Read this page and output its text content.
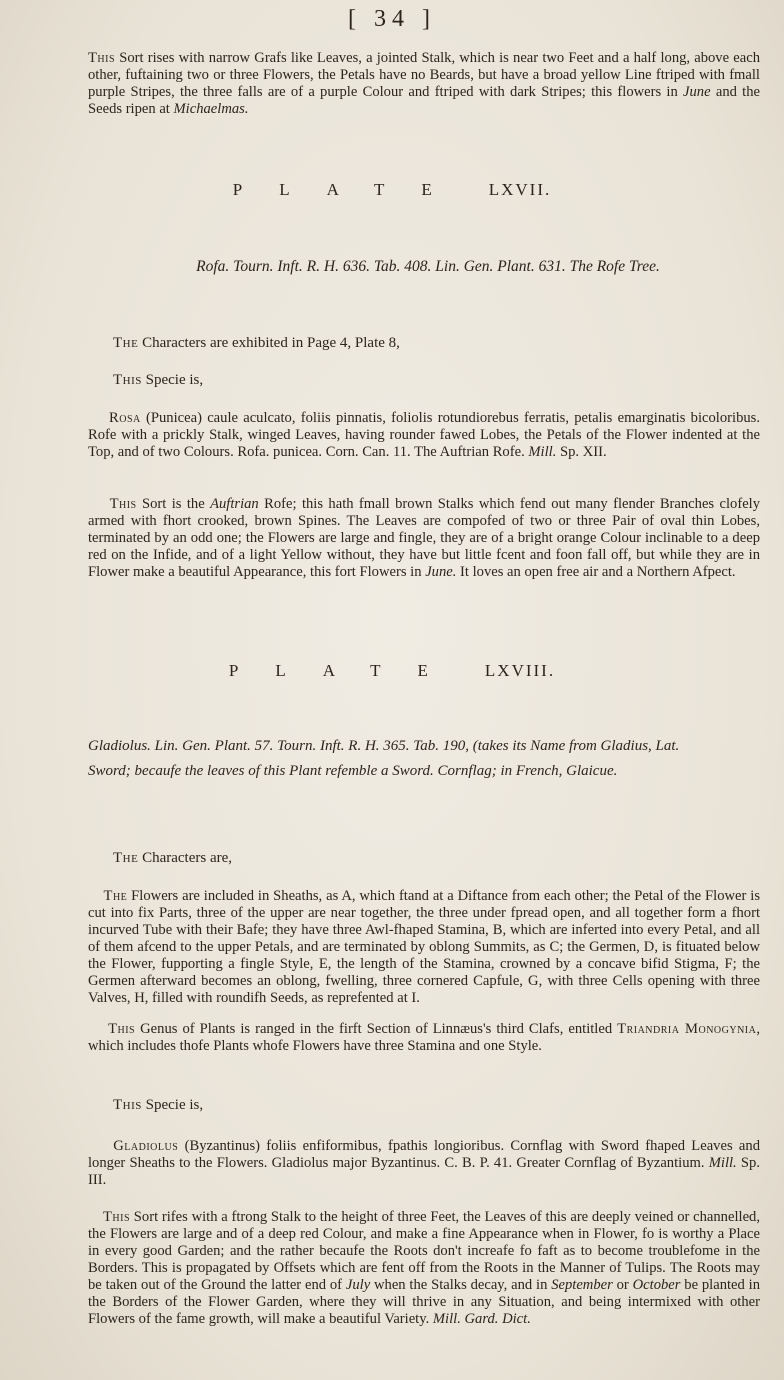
[ 34 ]

This Sort rises with narrow Grafs like Leaves, a jointed Stalk, which is near two Feet and a half long, above each other, fuftaining two or three Flowers, the Petals have no Beards, but have a broad yellow Line ftriped with fmall purple Stripes, the three falls are of a purple Colour and ftriped with dark Stripes; this flowers in June and the Seeds ripen at Michaelmas.

PLATE LXVII.
Rofa. Tourn. Inft. R. H. 636. Tab. 408. Lin. Gen. Plant. 631. The Rofe Tree.
The Characters are exhibited in Page 4, Plate 8,
This Specie is,

Rosa (Punicea) caule aculcato, foliis pinnatis, foliolis rotundiorebus ferratis, petalis emarginatis bicoloribus. Rofe with a prickly Stalk, winged Leaves, having rounder fawed Lobes, the Petals of the Flower indented at the Top, and of two Colours. Rofa. punicea. Corn. Can. 11. The Auftrian Rofe. Mill. Sp. XII.

This Sort is the Auftrian Rofe; this hath fmall brown Stalks which fend out many flender Branches clofely armed with fhort crooked, brown Spines. The Leaves are compofed of two or three Pair of oval thin Lobes, terminated by an odd one; the Flowers are large and fingle, they are of a bright orange Colour inclinable to a deep red on the Infide, and of a light Yellow without, they have but little fcent and foon fall off, but while they are in Flower make a beautiful Appearance, this fort Flowers in June. It loves an open free air and a Northern Afpect.

PLATE LXVIII.
Gladiolus. Lin. Gen. Plant. 57. Tourn. Inft. R. H. 365. Tab. 190, (takes its Name from Gladius, Lat.
Sword; becaufe the leaves of this Plant refemble a Sword. Cornflag; in French, Glaicue.
The Characters are,

The Flowers are included in Sheaths, as A, which ftand at a Diftance from each other; the Petal of the Flower is cut into fix Parts, three of the upper are near together, the three under fpread open, and all together form a fhort incurved Tube with their Bafe; they have three Awl-fhaped Stamina, B, which are inferted into every Petal, and all of them afcend to the upper Petals, and are terminated by oblong Summits, as C; the Germen, D, is fituated below the Flower, fupporting a fingle Style, E, the length of the Stamina, crowned by a concave bifid Stigma, F; the Germen afterward becomes an oblong, fwelling, three cornered Capfule, G, with three Cells opening with three Valves, H, filled with roundifh Seeds, as reprefented at I.

This Genus of Plants is ranged in the firft Section of Linnæus's third Clafs, entitled Triandria Monogynia, which includes thofe Plants whofe Flowers have three Stamina and one Style.

This Specie is,

Gladiolus (Byzantinus) foliis enfiformibus, fpathis longioribus. Cornflag with Sword fhaped Leaves and longer Sheaths to the Flowers. Gladiolus major Byzantinus. C. B. P. 41. Greater Cornflag of Byzantium. Mill. Sp. III.

This Sort rifes with a ftrong Stalk to the height of three Feet, the Leaves of this are deeply veined or channelled, the Flowers are large and of a deep red Colour, and make a fine Appearance when in Flower, fo is worthy a Place in every good Garden; and the rather becaufe the Roots don't increafe fo faft as to become troublefome in the Borders. This is propagated by Offsets which are fent off from the Roots in the Manner of Tulips. The Roots may be taken out of the Ground the latter end of July when the Stalks decay, and in September or October be planted in the Borders of the Flower Garden, where they will thrive in any Situation, and being intermixed with other Flowers of the fame growth, will make a beautiful Variety. Mill. Gard. Dict.
